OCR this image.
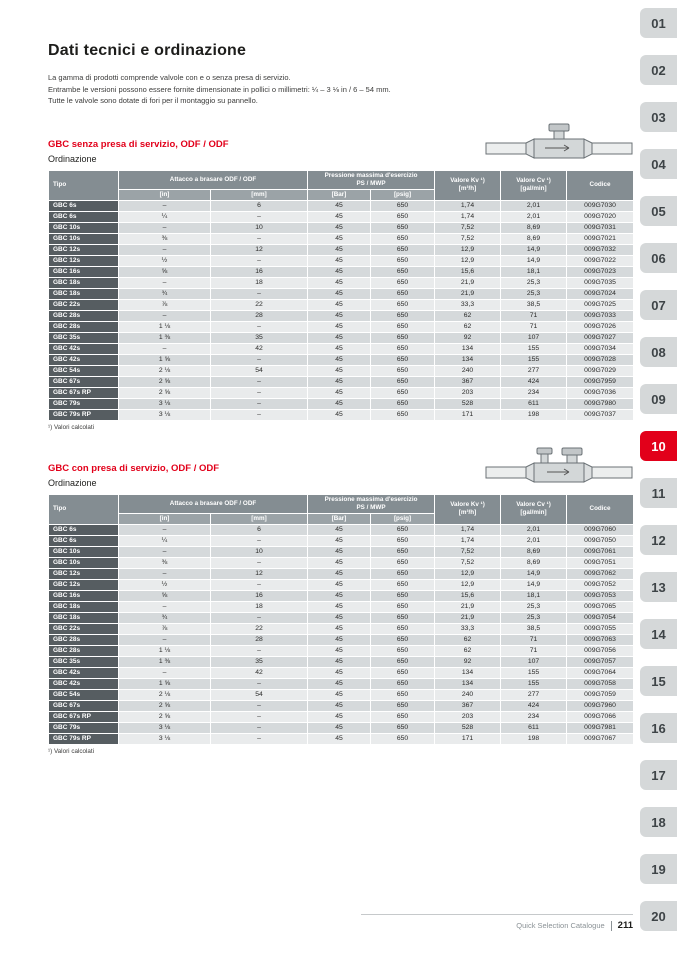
Dati tecnici e ordinazione

La gamma di prodotti comprende valvole con e o senza presa di servizio.

Entrambe le versioni possono essere fornite dimensionate in pollici o millimetri: ¼ – 3 ⅛ in / 6 – 54 mm.

Tutte le valvole sono dotate di fori per il montaggio su pannello.

GBC senza presa di servizio, ODF / ODF
Ordinazione
Tipo	Attacco a brasare ODF / ODF	
Pressione massima d'esercizio
PS / MWP	Valore Kv ¹)
[m³/h]

Valore Cv ¹)
[gal/min]
	Codice
	[in]	[mm]	[Bar]	[psig]			
GBC 6s	–	6	45	650	1,74	2,01	009G7030
GBC 6s	¼	–	45	650	1,74	2,01	009G7020
GBC 10s	–	10	45	650	7,52	8,69	009G7031
GBC 10s	⅜	–	45	650	7,52	8,69	009G7021
GBC 12s	–	12	45	650	12,9	14,9	009G7032
GBC 12s	½	–	45	650	12,9	14,9	009G7022
GBC 16s	⅝	16	45	650	15,6	18,1	009G7023
GBC 18s	–	18	45	650	21,9	25,3	009G7035
GBC 18s	¾	–	45	650	21,9	25,3	009G7024
GBC 22s	⅞	22	45	650	33,3	38,5	009G7025
GBC 28s	–	28	45	650	62	71	009G7033
GBC 28s	1 ⅛	–	45	650	62	71	009G7026
GBC 35s	1 ⅜	35	45	650	92	107	009G7027
GBC 42s	–	42	45	650	134	155	009G7034
GBC 42s	1 ⅝	–	45	650	134	155	009G7028
GBC 54s	2 ⅛	54	45	650	240	277	009G7029
GBC 67s	2 ⅝	–	45	650	367	424	009G7959
GBC 67s RP	2 ⅝	–	45	650	203	234	009G7036
GBC 79s	3 ⅛	–	45	650	528	611	009G7980
GBC 79s RP	3 ⅛	–	45	650	171	198	009G7037
¹) Valori calcolati
GBC con presa di servizio, ODF / ODF
Ordinazione
Tipo	Attacco a brasare ODF / ODF	
Pressione massima d'esercizio
PS / MWP	Valore Kv ¹)
[m³/h]

Valore Cv ¹)
[gal/min]
	Codice
	[in]	[mm]	[Bar]	[psig]			
GBC 6s	–	6	45	650	1,74	2,01	009G7060
GBC 6s	¼	–	45	650	1,74	2,01	009G7050
GBC 10s	–	10	45	650	7,52	8,69	009G7061
GBC 10s	⅜	–	45	650	7,52	8,69	009G7051
GBC 12s	–	12	45	650	12,9	14,9	009G7062
GBC 12s	½	–	45	650	12,9	14,9	009G7052
GBC 16s	⅝	16	45	650	15,6	18,1	009G7053
GBC 18s	–	18	45	650	21,9	25,3	009G7065
GBC 18s	¾	–	45	650	21,9	25,3	009G7054
GBC 22s	⅞	22	45	650	33,3	38,5	009G7055
GBC 28s	–	28	45	650	62	71	009G7063
GBC 28s	1 ⅛	–	45	650	62	71	009G7056
GBC 35s	1 ⅜	35	45	650	92	107	009G7057
GBC 42s	–	42	45	650	134	155	009G7064
GBC 42s	1 ⅝	–	45	650	134	155	009G7058
GBC 54s	2 ⅛	54	45	650	240	277	009G7059
GBC 67s	2 ⅝	–	45	650	367	424	009G7960
GBC 67s RP	2 ⅝	–	45	650	203	234	009G7066
GBC 79s	3 ⅛	–	45	650	528	611	009G7981
GBC 79s RP	3 ⅛	–	45	650	171	198	009G7067
¹) Valori calcolati
01
02
03
04
05
06
07
08
09
10
11
12
13
14
15
16
17
18
19
20
Quick Selection Catalogue 211
